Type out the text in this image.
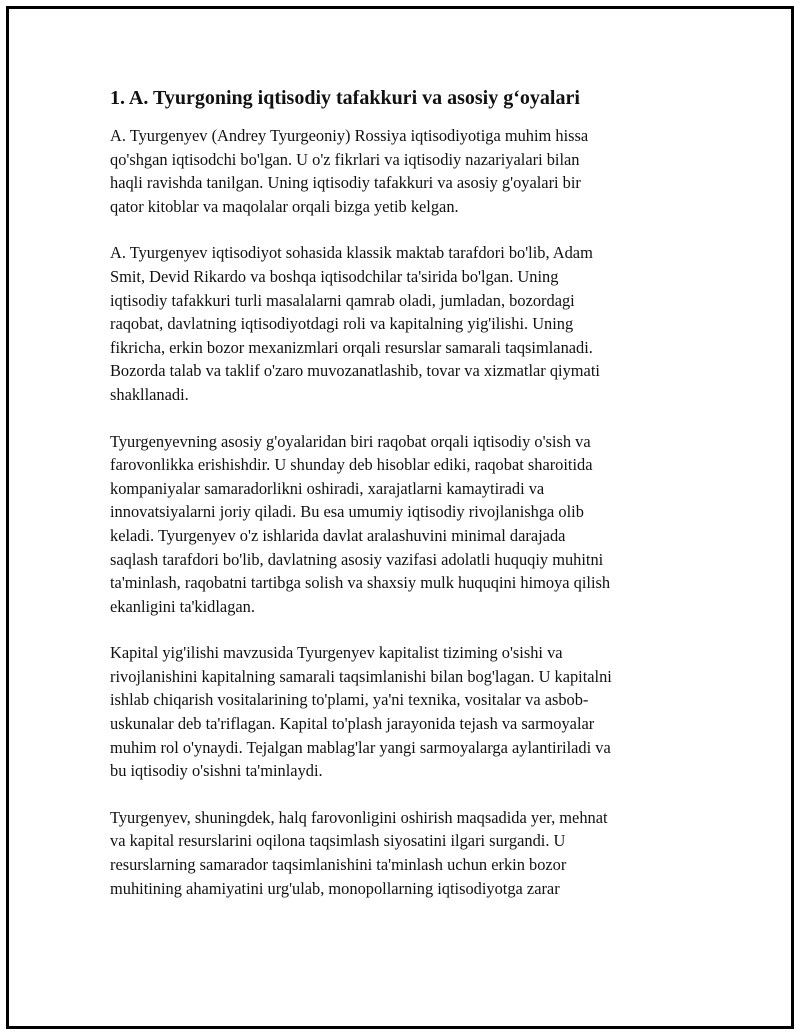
1. A. Tyurgoning iqtisodiy tafakkuri va asosiy g‘oyalari

A. Tyurgenyev (Andrey Tyurgeoniy) Rossiya iqtisodiyotiga muhim hissa
qo'shgan iqtisodchi bo'lgan. U o'z fikrlari va iqtisodiy nazariyalari bilan
haqli ravishda tanilgan. Uning iqtisodiy tafakkuri va asosiy g'oyalari bir
qator kitoblar va maqolalar orqali bizga yetib kelgan.

A. Tyurgenyev iqtisodiyot sohasida klassik maktab tarafdori bo'lib, Adam
Smit, Devid Rikardo va boshqa iqtisodchilar ta'sirida bo'lgan. Uning
iqtisodiy tafakkuri turli masalalarni qamrab oladi, jumladan, bozordagi
raqobat, davlatning iqtisodiyotdagi roli va kapitalning yig'ilishi. Uning
fikricha, erkin bozor mexanizmlari orqali resurslar samarali taqsimlanadi.
Bozorda talab va taklif o'zaro muvozanatlashib, tovar va xizmatlar qiymati
shakllanadi.

Tyurgenyevning asosiy g'oyalaridan biri raqobat orqali iqtisodiy o'sish va
farovonlikka erishishdir. U shunday deb hisoblar ediki, raqobat sharoitida
kompaniyalar samaradorlikni oshiradi, xarajatlarni kamaytiradi va
innovatsiyalarni joriy qiladi. Bu esa umumiy iqtisodiy rivojlanishga olib
keladi. Tyurgenyev o'z ishlarida davlat aralashuvini minimal darajada
saqlash tarafdori bo'lib, davlatning asosiy vazifasi adolatli huquqiy muhitni
ta'minlash, raqobatni tartibga solish va shaxsiy mulk huquqini himoya qilish
ekanligini ta'kidlagan.

Kapital yig'ilishi mavzusida Tyurgenyev kapitalist tiziming o'sishi va
rivojlanishini kapitalning samarali taqsimlanishi bilan bog'lagan. U kapitalni
ishlab chiqarish vositalarining to'plami, ya'ni texnika, vositalar va asbob-
uskunalar deb ta'riflagan. Kapital to'plash jarayonida tejash va sarmoyalar
muhim rol o'ynaydi. Tejalgan mablag'lar yangi sarmoyalarga aylantiriladi va
bu iqtisodiy o'sishni ta'minlaydi.

Tyurgenyev, shuningdek, halq farovonligini oshirish maqsadida yer, mehnat
va kapital resurslarini oqilona taqsimlash siyosatini ilgari surgandi. U
resurslarning samarador taqsimlanishini ta'minlash uchun erkin bozor
muhitining ahamiyatini urg'ulab, monopollarning iqtisodiyotga zarar
